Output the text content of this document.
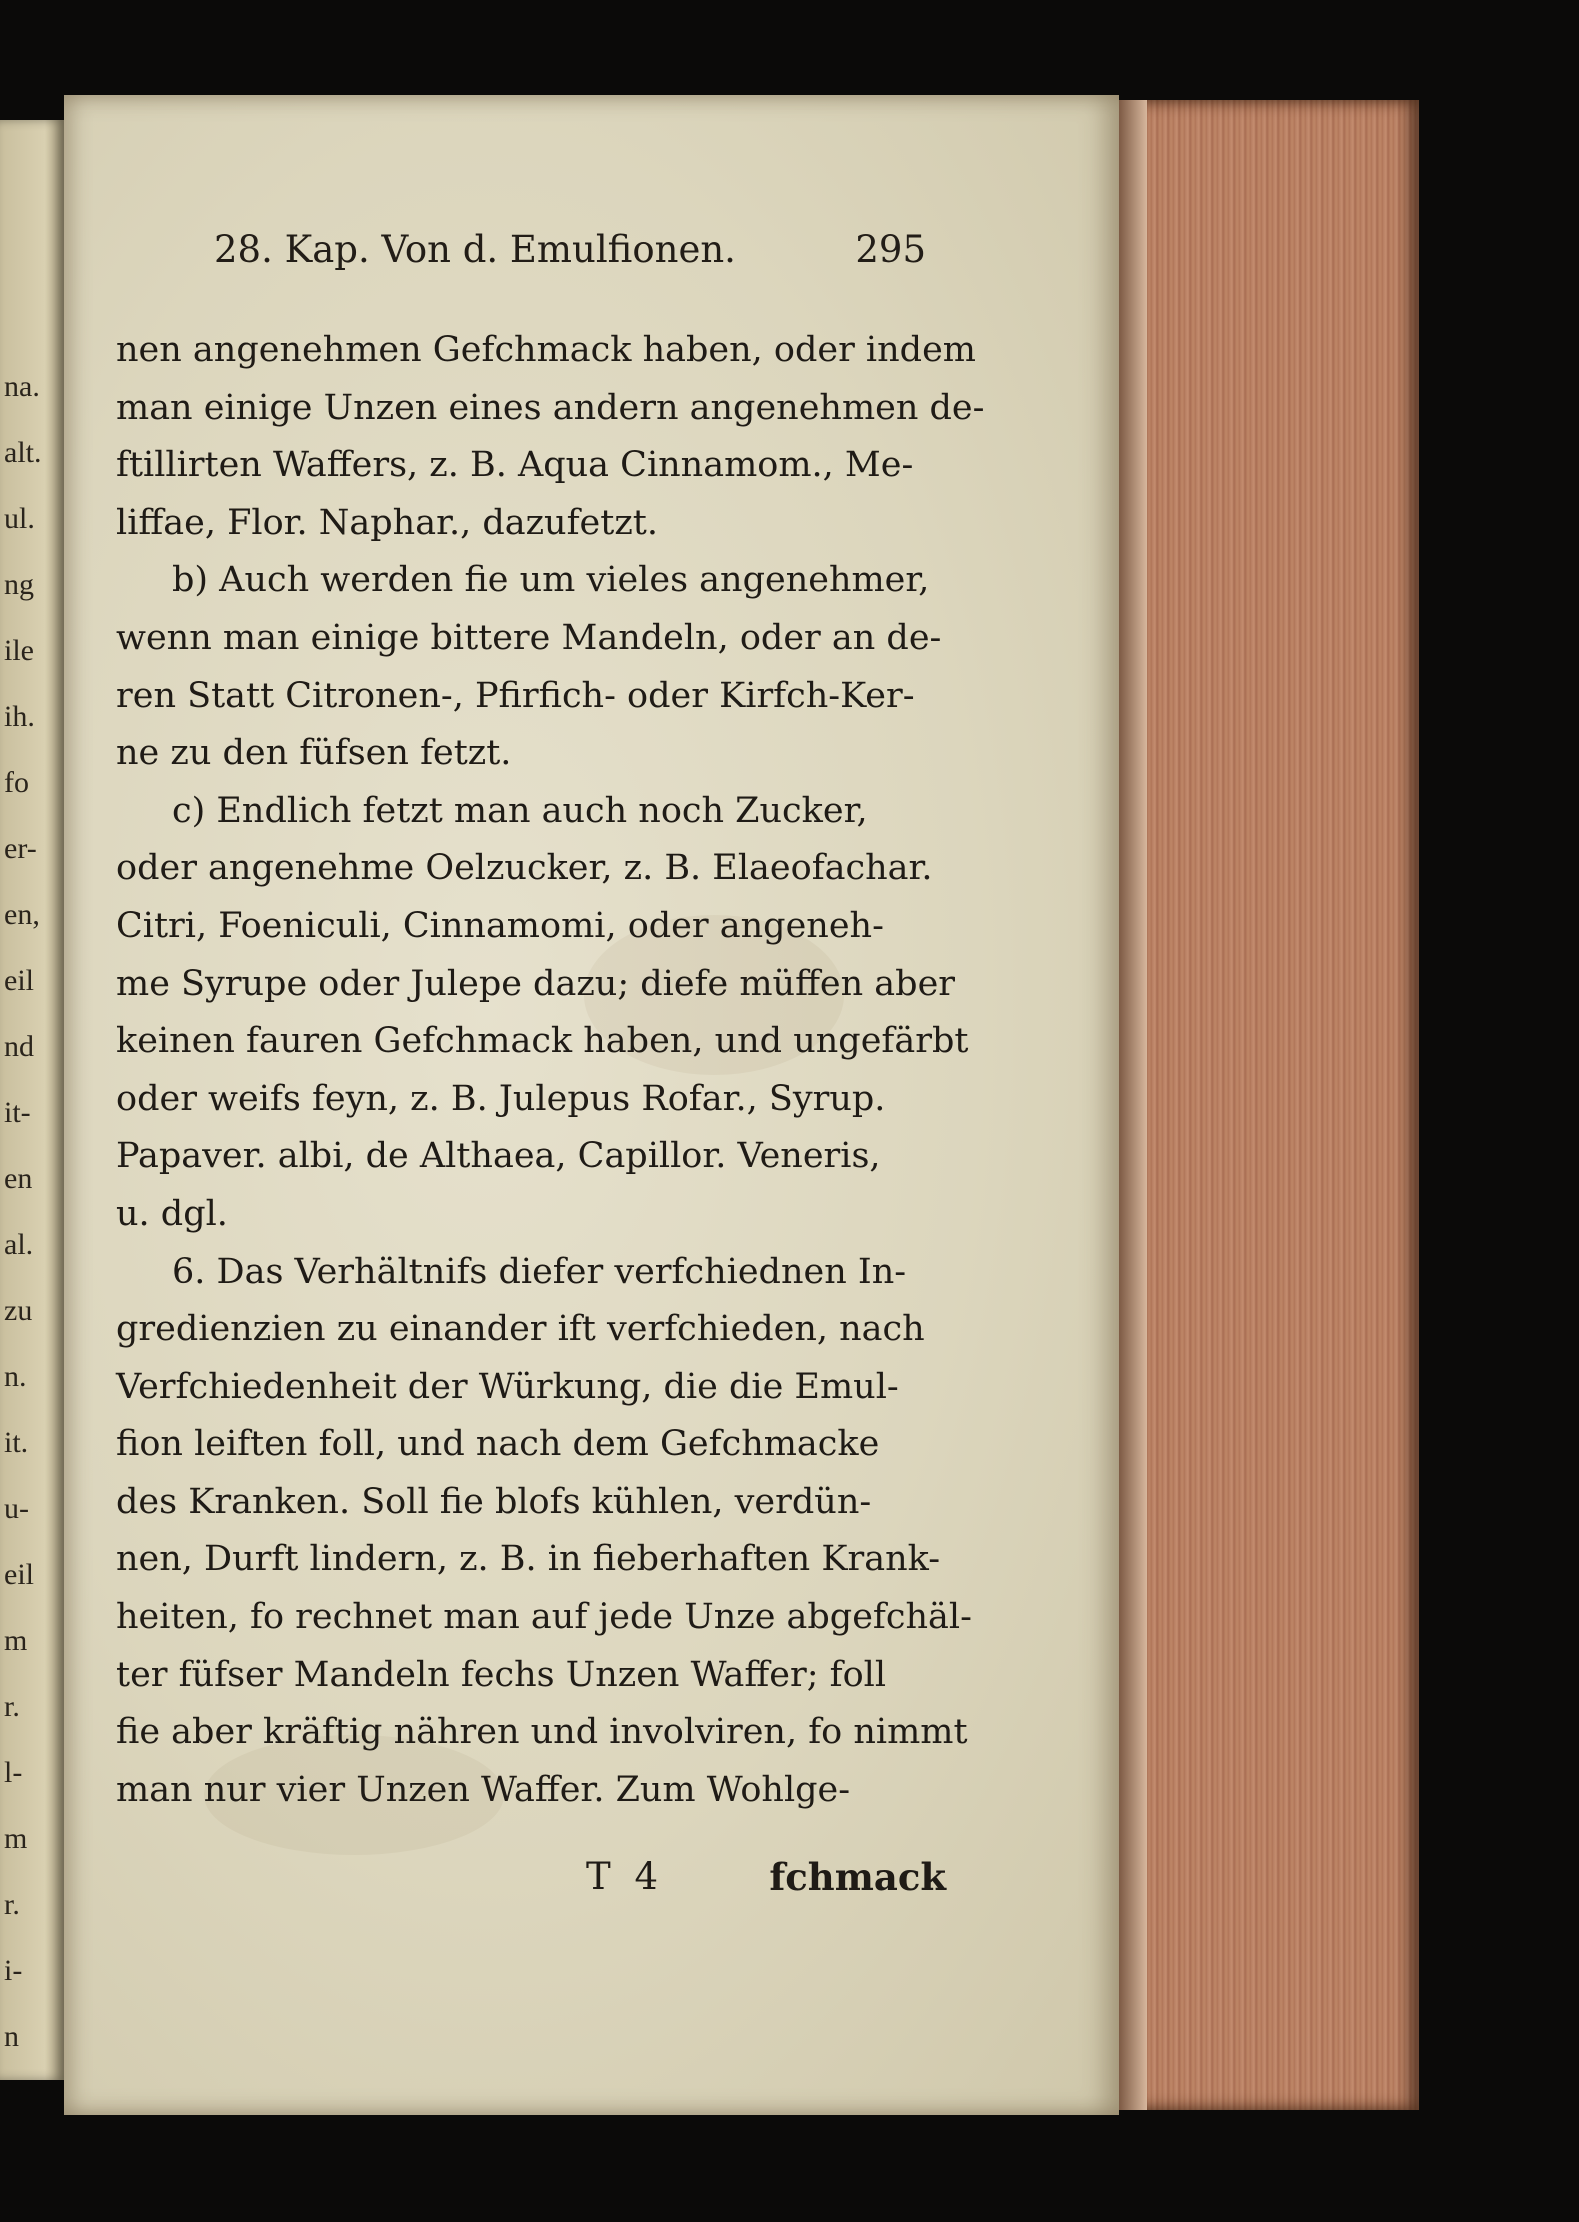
na.
alt.
ul.
ng
ile
ih.
fo
er-
en,
eil
nd
it-
en
al.
zu
n.
it.
u-
eil
m
r.
l-
m
r.
i-
n
28. Kap. Von d. Emulfionen.	295
nen angenehmen Gefchmack haben, oder indem
man einige Unzen eines andern angenehmen de-
ftillirten Waffers, z. B. Aqua Cinnamom., Me-
liffae, Flor. Naphar., dazufetzt.
b) Auch werden fie um vieles angenehmer,
wenn man einige bittere Mandeln, oder an de-
ren Statt Citronen-, Pfirfich- oder Kirfch-Ker-
ne zu den füfsen fetzt.
c) Endlich fetzt man auch noch Zucker,
oder angenehme Oelzucker, z. B. Elaeofachar.
Citri, Foeniculi, Cinnamomi, oder angeneh-
me Syrupe oder Julepe dazu; diefe müffen aber
keinen fauren Gefchmack haben, und ungefärbt
oder weifs feyn, z. B. Julepus Rofar., Syrup.
Papaver. albi, de Althaea, Capillor. Veneris,
u. dgl.
6. Das Verhältnifs diefer verfchiednen In-
gredienzien zu einander ift verfchieden, nach
Verfchiedenheit der Würkung, die die Emul-
fion leiften foll, und nach dem Gefchmacke
des Kranken. Soll fie blofs kühlen, verdün-
nen, Durft lindern, z. B. in fieberhaften Krank-
heiten, fo rechnet man auf jede Unze abgefchäl-
ter füfser Mandeln fechs Unzen Waffer; foll
fie aber kräftig nähren und involviren, fo nimmt
man nur vier Unzen Waffer. Zum Wohlge-
T 4	fchmack
